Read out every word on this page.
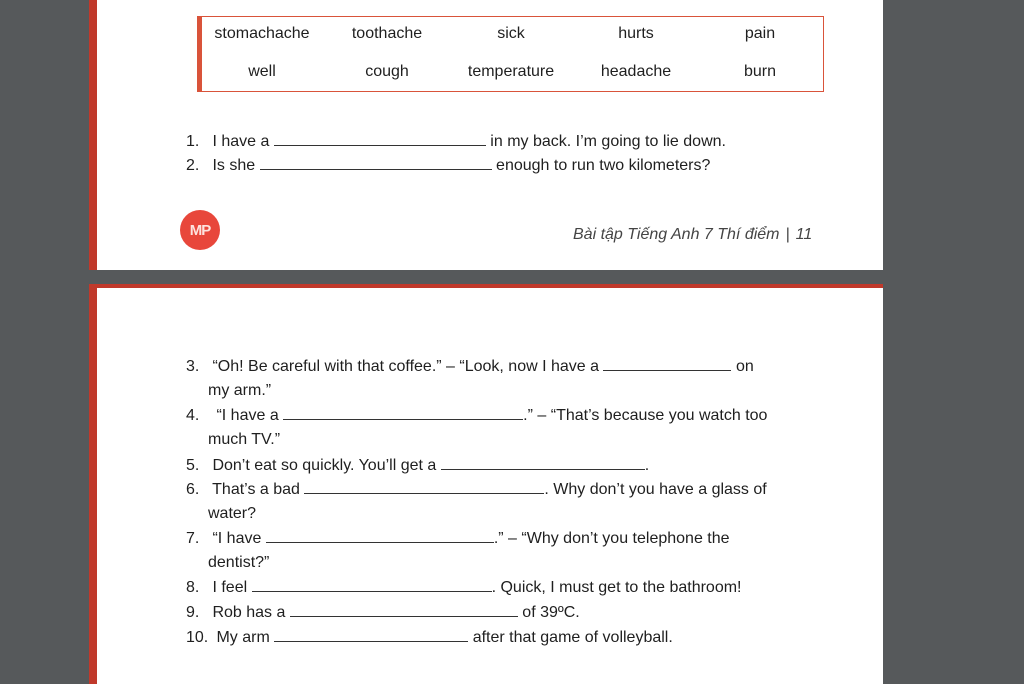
stomachache	toothache	sick	hurts	pain
well	cough	temperature	headache	burn
1. I have a	in my back. I’m going to lie down.
2. Is she	enough to run two kilometers?
MP	Bài tập Tiếng Anh 7 Thí điểm | 11
3. “Oh! Be careful with that coffee.” – “Look, now I have a	on
my arm.”
4. “I have a	.” – “That’s because you watch too
much TV.”
5. Don’t eat so quickly. You’ll get a	.
6. That’s a bad	. Why don’t you have a glass of
water?
7. “I have	.” – “Why don’t you telephone the
dentist?”
8. I feel	. Quick, I must get to the bathroom!
9. Rob has a	of 39ºC.
10. My arm	after that game of volleyball.
